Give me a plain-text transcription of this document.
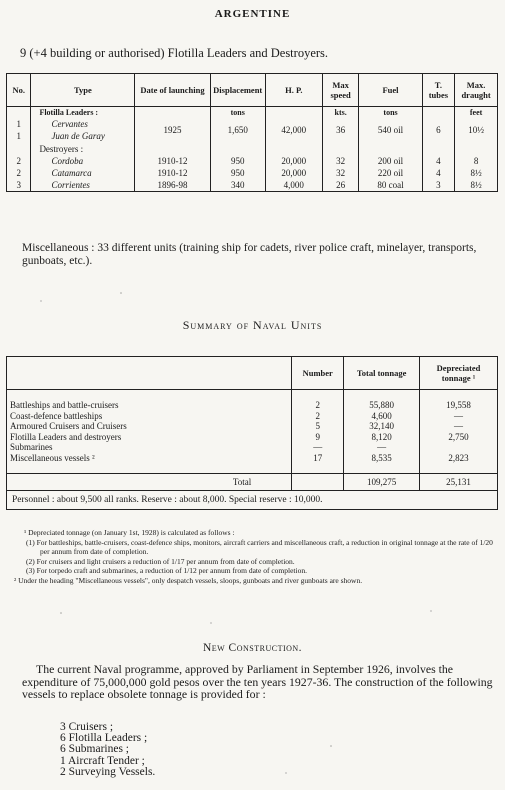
ARGENTINE
9 (+4 building or authorised) Flotilla Leaders and Destroyers.
No.	Type	Date of launching	Displacement	H. P.	Max speed	Fuel	T. tubes	Max. draught
	Flotilla Leaders :		tons		kts.	tons		feet
1	Cervantes	1925	1,650	42,000	36	540 oil	6	10½
1	Juan de Garay							
	Destroyers :							
2	Cordoba	1910-12	950	20,000	32	200 oil	4	8
2	Catamarca	1910-12	950	20,000	32	220 oil	4	8½
3	Corrientes	1896-98	340	4,000	26	80 coal	3	8½
Miscellaneous : 33 different units (training ship for cadets, river police craft, minelayer, transports, gunboats, etc.).
Summary of Naval Units
	Number	Total tonnage	Depreciated tonnage ¹

Battleships and battle-cruisers	2	55,880	19,558
Coast-defence battleships	2	4,600	—
Armoured Cruisers and Cruisers	5	32,140	—
Flotilla Leaders and destroyers	9	8,120	2,750
Submarines	—	—	
Miscellaneous vessels ²	17	8,535	2,823

Total		109,275	25,131
Personnel : about 9,500 all ranks. Reserve : about 8,000. Special reserve : 10,000.			
¹ Depreciated tonnage (on January 1st, 1928) is calculated as follows :
(1) For battleships, battle-cruisers, coast-defence ships, monitors, aircraft carriers and miscellaneous craft, a reduction in original tonnage at the rate of 1/20 per annum from date of completion.
(2) For cruisers and light cruisers a reduction of 1/17 per annum from date of completion.
(3) For torpedo craft and submarines, a reduction of 1/12 per annum from date of completion.
² Under the heading "Miscellaneous vessels", only despatch vessels, sloops, gunboats and river gunboats are shown.
New Construction.
The current Naval programme, approved by Parliament in September 1926, involves the expenditure of 75,000,000 gold pesos over the ten years 1927-36. The construction of the following vessels to replace obsolete tonnage is provided for :
3 Cruisers ;
6 Flotilla Leaders ;
6 Submarines ;
1 Aircraft Tender ;
2 Surveying Vessels.
